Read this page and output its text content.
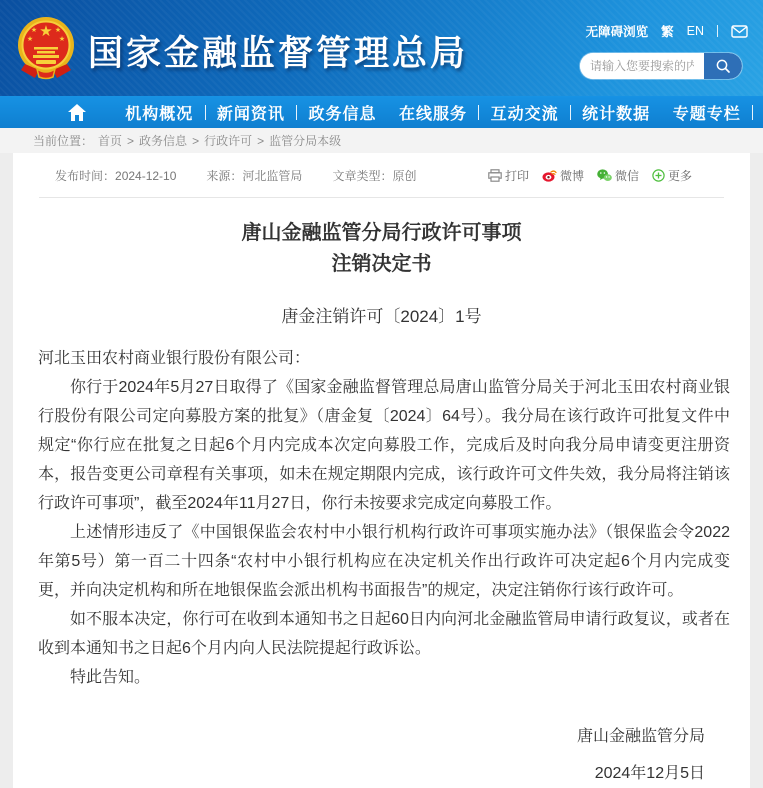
★
★	★
★	★ 国家金融监督管理总局
无障碍浏览 繁 EN
请输入您要搜索的内容...
机构概况	新闻资讯	政务信息	在线服务	互动交流	统计数据	专题专栏
当前位置： 首页 > 政务信息 > 行政许可 > 监管分局本级
发布时间：2024-12-10	来源：河北监管局	文章类型：原创	打印	微博	微信 更多
唐山金融监管分局行政许可事项
注销决定书
唐金注销许可〔2024〕1号

河北玉田农村商业银行股份有限公司：

你行于2024年5月27日取得了《国家金融监督管理总局唐山监管分局关于河北玉田农村商业银行股份有限公司定向募股方案的批复》（唐金复〔2024〕64号）。我分局在该行政许可批复文件中规定“你行应在批复之日起6个月内完成本次定向募股工作，完成后及时向我分局申请变更注册资本，报告变更公司章程有关事项，如未在规定期限内完成，该行政许可文件失效，我分局将注销该行政许可事项”，截至2024年11月27日，你行未按要求完成定向募股工作。

上述情形违反了《中国银保监会农村中小银行机构行政许可事项实施办法》（银保监会令2022年第5号）第一百二十四条“农村中小银行机构应在决定机关作出行政许可决定起6个月内完成变更，并向决定机构和所在地银保监会派出机构书面报告”的规定，决定注销你行该行政许可。

如不服本决定，你行可在收到本通知书之日起60日内向河北金融监管局申请行政复议，或者在收到本通知书之日起6个月内向人民法院提起行政诉讼。

特此告知。

唐山金融监管分局
2024年12月5日
